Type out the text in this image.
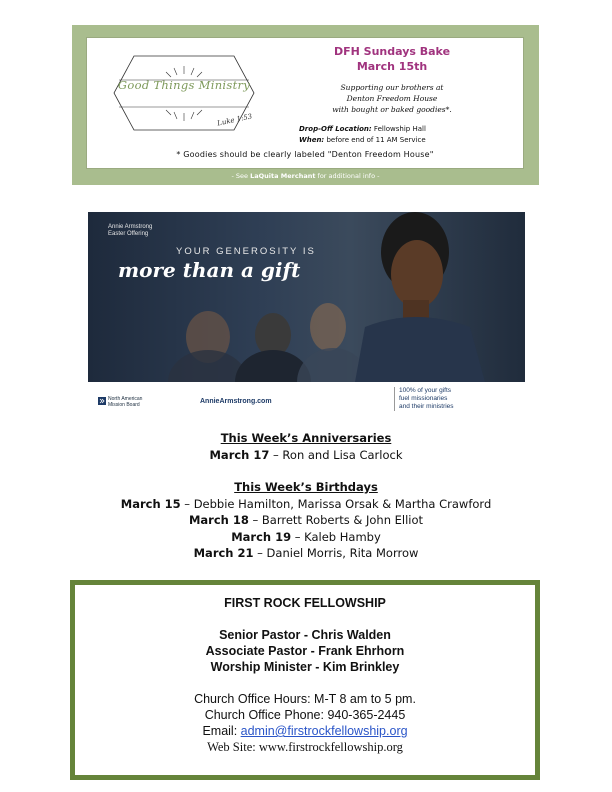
Good Things Ministry
Luke 1:53
DFH Sundays Bake
March 15th
Supporting our brothers at
Denton Freedom House
with bought or baked goodies*.
Drop-Off Location: Fellowship Hall
When: before end of 11 AM Service
* Goodies should be clearly labeled "Denton Freedom House"
- See LaQuita Merchant for additional info -
Annie Armstrong
Easter Offering
YOUR GENEROSITY IS
more than a gift
North American
Mission Board	AnnieArmstrong.com
100% of your gifts
fuel missionaries
and their ministries
This Week’s Anniversaries
March 17 – Ron and Lisa Carlock
This Week’s Birthdays
March 15 – Debbie Hamilton, Marissa Orsak & Martha Crawford
March 18 – Barrett Roberts & John Elliot
March 19 – Kaleb Hamby
March 21 – Daniel Morris, Rita Morrow
FIRST ROCK FELLOWSHIP
Senior Pastor - Chris Walden
Associate Pastor - Frank Ehrhorn
Worship Minister - Kim Brinkley
Church Office Hours: M-T 8 am to 5 pm.
Church Office Phone: 940-365-2445
Email: admin@firstrockfellowship.org
Web Site: www.firstrockfellowship.org
